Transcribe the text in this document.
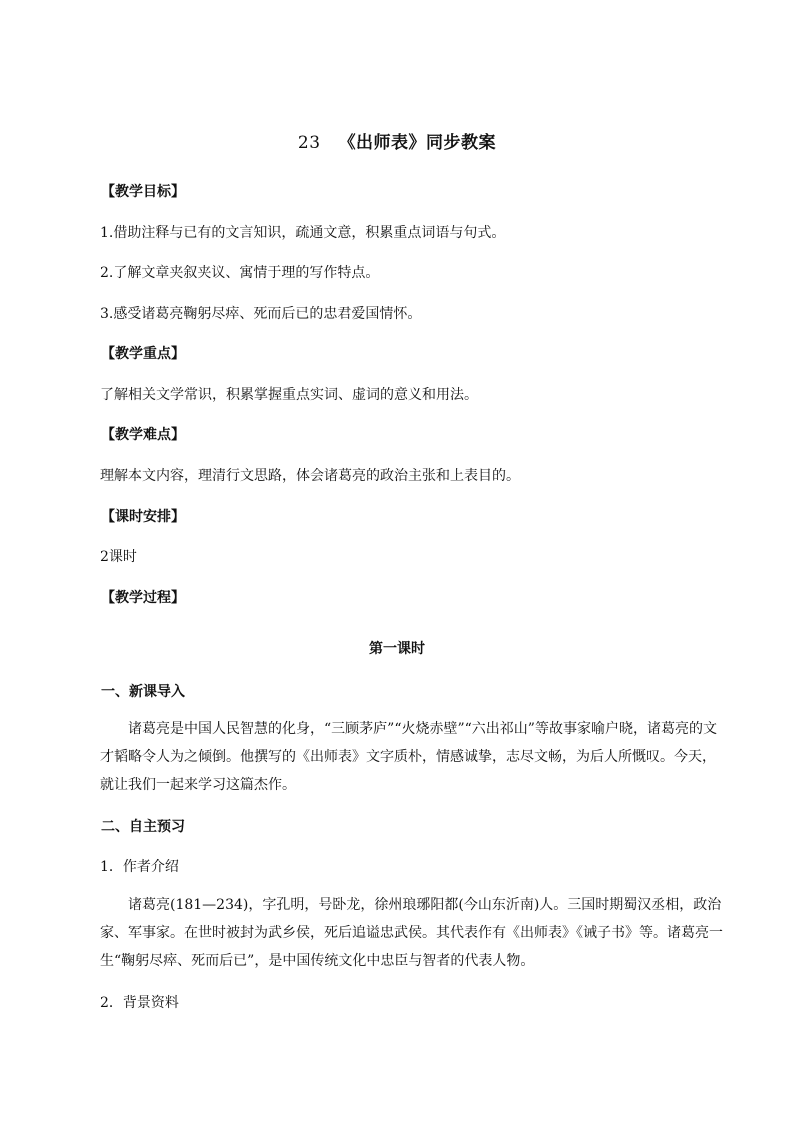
23 《出师表》同步教案
【教学目标】
1.借助注释与已有的文言知识，疏通文意，积累重点词语与句式。
2.了解文章夹叙夹议、寓情于理的写作特点。
3.感受诸葛亮鞠躬尽瘁、死而后已的忠君爱国情怀。
【教学重点】
了解相关文学常识，积累掌握重点实词、虚词的意义和用法。
【教学难点】
理解本文内容，理清行文思路，体会诸葛亮的政治主张和上表目的。
【课时安排】
2课时
【教学过程】
第一课时
一、新课导入

诸葛亮是中国人民智慧的化身，“三顾茅庐”“火烧赤壁”“六出祁山”等故事家喻户晓，诸葛亮的文才韬略令人为之倾倒。他撰写的《出师表》文字质朴，情感诚挚，志尽文畅，为后人所慨叹。今天，就让我们一起来学习这篇杰作。

二、自主预习
1．作者介绍

诸葛亮(181—234)，字孔明，号卧龙，徐州琅琊阳都(今山东沂南)人。三国时期蜀汉丞相，政治家、军事家。在世时被封为武乡侯，死后追谥忠武侯。其代表作有《出师表》《诫子书》等。诸葛亮一生“鞠躬尽瘁、死而后已”，是中国传统文化中忠臣与智者的代表人物。

2．背景资料
